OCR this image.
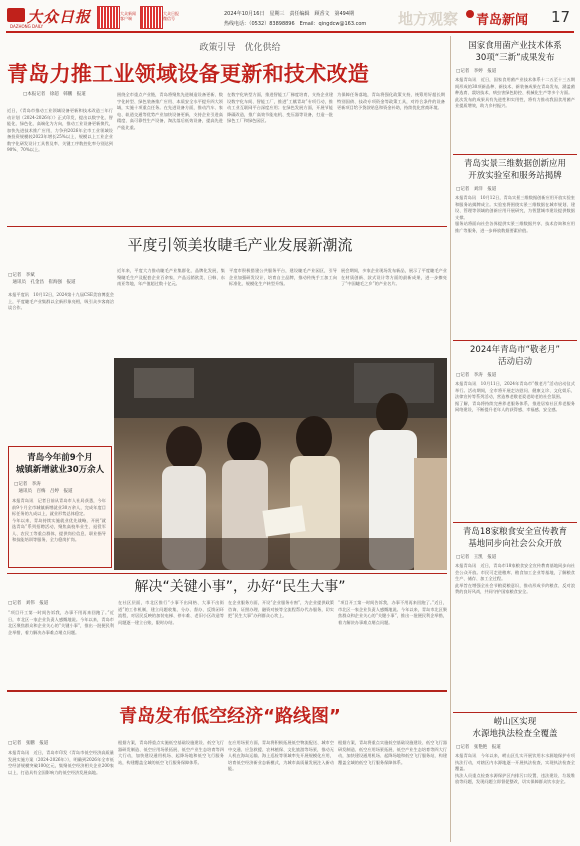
大众日报
DAZHONG DAILY
大众新闻客户端
大众日报微信号
2024年10月16日　星期三　责任编辑　顾香文　第494期
热线电话：（0532）83898896　Email：qingdcw@163.com 地方观察 青岛新闻 17
政策引导　优化供给
青岛力推工业领域设备更新和技术改造
□本报记者　徐超　韩鹏　报道

近日，《青岛市推动工业领域设备更新和技术改造三年行动计划（2024-2026年）》正式印发，提出以数字化、智能化、绿色化、高端化为方向，推动工业设备更新换代，加快先进技术推广应用，力争到2026年全市工业领域设备投资规模较2023年增长25%以上，规模以上工业企业数字化研发设计工具普及率、关键工序数控化率分别达到90%、70%以上。

围绕全市重点产业链，青岛将聚焦先进制造设备更新、数字化转型、绿色装备推广应用、本质安全水平提升四大领域，实施十项重点任务。在先进设备方面，推动汽车、家电、轨道交通等优势产业加快设备更新，支持企业引进高精度、高可靠性生产设备，淘汰落后低效设备，提高先进产能比重。

在数字化转型方面，推进智能工厂梯度培育，支持企业建设数字化车间、智能工厂，推进“工赋青岛”专项行动，推动工业互联网平台深度应用；在绿色发展方面，开展节能降碳改造，推广高效节能电机、变压器等设备，打造一批绿色工厂和绿色园区。

为保障任务落地，青岛将强化政策支持，统筹用好超长期特别国债、技改专项资金等政策工具，对符合条件的设备更新项目给予贷款贴息和资金补助，持续优化营商环境。

平度引领美妆睫毛产业发展新潮流
□记者　李斌
　通讯员　孔金昌　崔海强　报道

本报平度讯　10月12日，2024第十九届CSE美容博览会上，平度睫毛产业集群以全新形象亮相，吸引众多客商洽谈合作。

近年来，平度大力推动睫毛产业集群化、品牌化发展，集聚睫毛生产及配套企业百余家，产品远销欧美、日韩、东南亚等地，年产值超过数十亿元。

平度市积极搭建公共服务平台，建设睫毛产业园区，引导企业加强研发设计，培育自主品牌，推动传统手工加工向标准化、规模化生产转型升级。

展会期间，多家企业现场发布新品，展示了平度睫毛产业在材质创新、款式设计等方面的最新成果，进一步擦亮了“中国睫毛之乡”的产业名片。

青岛今年前9个月
城镇新增就业30万余人
□记者　李涛
　通讯员　百梅　吕婷　报道

本报青岛讯　记者日前从青岛市人社局获悉，今年前9个月全市城镇新增就业30万余人，完成年度目标任务的九成以上，就业形势总体稳定。

今年以来，青岛持续实施就业优先战略，开展“就选青岛”系列招聘活动，聚焦高校毕业生、退役军人、农民工等重点群体，提供岗位信息、职业指导和技能培训等服务，全力稳岗扩岗。

解决“关键小事”，办好“民生大事”
□记者　刘伟　报道

“项目开工第一时间告诉我，办事不用再来回跑了。”近日，市北区一家企业负责人感慨地说。今年以来，青岛市北区聚焦群众和企业关心的“关键小事”，推出一批便民利企举措，着力解决办事难点堵点问题。

在社区层面，市北区推行“小事不出网格、大事不出街道”的工作机制，建立问题收集、分办、督办、反馈闭环流程，对居民反映的加装电梯、停车难、老旧小区改造等问题逐一建立台账，限时办结。

在企业服务方面，开设“企业服务专窗”，为企业提供政策咨询、证照办理、融资对接等全流程帮办代办服务，切实把“民生大事”办到群众心坎上。

“项目开工第一时间告诉我，办事不用再来回跑了。”近日，市北区一家企业负责人感慨地说。今年以来，青岛市北区聚焦群众和企业关心的“关键小事”，推出一批便民利企举措，着力解决办事难点堵点问题。

青岛发布低空经济“路线图”
□记者　张鹏　报道

本报青岛讯　近日，青岛市印发《青岛市低空经济高质量发展实施方案（2024-2026年）》，明确到2026年全市低空经济规模突破100亿元，集聚低空经济相关企业200家以上，打造具有全国影响力的低空经济发展高地。

根据方案，青岛将重点实施低空基础设施建设、低空飞行器研发制造、低空应用场景拓展、低空产业生态培育等四大行动，加快建设通用机场、起降场地和低空飞行服务站，构建覆盖全域的低空飞行服务保障体系。

在应用场景方面，青岛将积极拓展低空物流配送、城市空中交通、应急救援、农林植保、文化旅游等场景，推动无人机在海岛运输、海上巡检等领域率先开展规模化应用，培育低空经济新业态新模式，为城市高质量发展注入新动能。

根据方案，青岛将重点实施低空基础设施建设、低空飞行器研发制造、低空应用场景拓展、低空产业生态培育等四大行动，加快建设通用机场、起降场地和低空飞行服务站，构建覆盖全域的低空飞行服务保障体系。

国家食用菌产业技术体系
30项“三新”成果发布
□记者　李婷　报道

本报青岛讯　近日，国家食用菌产业技术体系十二五至十三五期间形成的30项新品种、新技术、新装备成果在青岛发布，涵盖菌种选育、栽培技术、病虫害绿色防控、机械化生产等多个方面。

此次发布的成果具有先进性和实用性，将有力推动我国食用菌产业提质增效，助力乡村振兴。

青岛实景三维数据创新应用
开放实验室和服务站揭牌
□记者　刘洋　报道

本报青岛讯　10月12日，青岛实景三维数据创新应用开放实验室和服务站揭牌成立。实验室将围绕实景三维数据在城市规划、建设、管理等领域的创新应用开展研究，为智慧城市建设提供数据支撑。

服务站将面向社会各界提供实景三维数据共享、技术咨询和应用推广等服务，进一步释放数据要素价值。

2024年青岛市“敬老月”
活动启动
□记者　李涛　报道

本报青岛讯　10月11日，2024年青岛市“敬老月”活动启动仪式举行。活动期间，全市将开展走访慰问、健康义诊、文化娱乐、法律宣传等系列活动，营造尊老敬老爱老助老的社会氛围。

据了解，青岛将持续完善养老服务体系，推进居家社区养老服务网络建设，不断提升老年人的获得感、幸福感、安全感。

青岛18家粮食安全宣传教育
基地同步向社会公众开放
□记者　王凯　报道

本报青岛讯　近日，青岛市18家粮食安全宣传教育基地同步向社会公众开放。市民可走进粮库、粮食加工企业等基地，了解粮食生产、储存、加工全过程。

此举旨在增强全社会节粮爱粮意识，推动形成节约粮食、反对浪费的良好风尚，共同守护国家粮食安全。

崂山区实现
水源地执法检查全覆盖
□记者　张艳艳　报道

本报青岛讯　今年以来，崂山区扎实开展饮用水水源地保护专项执法行动，对辖区内水源地逐一开展执法检查，实现执法检查全覆盖。

执法人员重点检查水源保护区内排污口设置、违法建设、垃圾堆放等问题，发现问题立即督促整改，切实保障群众饮水安全。
